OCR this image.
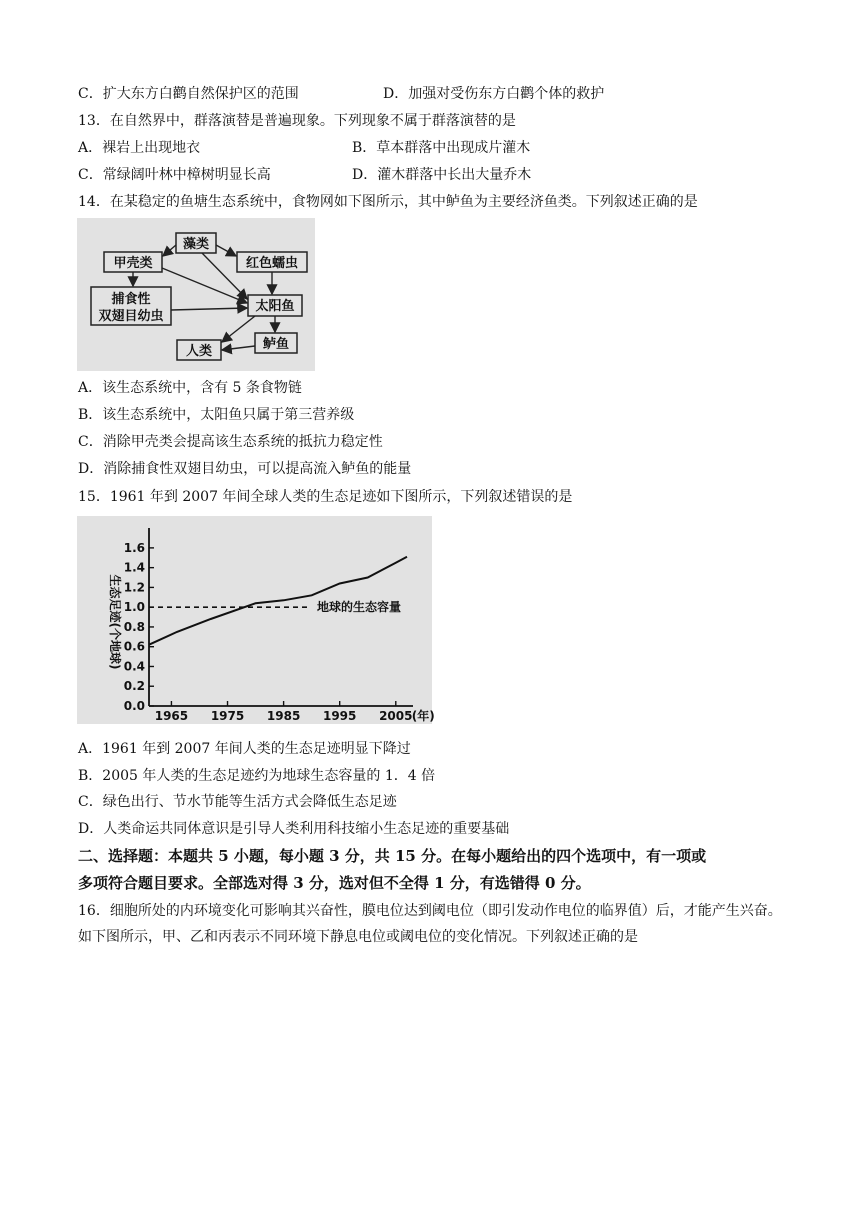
C．扩大东方白鹳自然保护区的范围	D．加强对受伤东方白鹳个体的救护
13．在自然界中，群落演替是普遍现象。下列现象不属于群落演替的是
A．裸岩上出现地衣	B．草本群落中出现成片灌木
C．常绿阔叶林中樟树明显长高	D．灌木群落中长出大量乔木
14．在某稳定的鱼塘生态系统中，食物网如下图所示，其中鲈鱼为主要经济鱼类。下列叙述正确的是
藻类
甲壳类	红色蠕虫
捕食性
双翅目幼虫
太阳鱼
人类	鲈鱼
A．该生态系统中，含有 5 条食物链
B．该生态系统中，太阳鱼只属于第三营养级
C．消除甲壳类会提高该生态系统的抵抗力稳定性
D．消除捕食性双翅目幼虫，可以提高流入鲈鱼的能量
15．1961 年到 2007 年间全球人类的生态足迹如下图所示，下列叙述错误的是
0.0
0.2
0.4
0.6
0.8
1.0
1.2
1.4
1.6
1965 1975 1985 1995 2005
地球的生态容量
生态足迹(个地球)
(年)
A．1961 年到 2007 年间人类的生态足迹明显下降过
B．2005 年人类的生态足迹约为地球生态容量的 1．4 倍
C．绿色出行、节水节能等生活方式会降低生态足迹
D．人类命运共同体意识是引导人类利用科技缩小生态足迹的重要基础
二、选择题：本题共 5 小题，每小题 3 分，共 15 分。在每小题给出的四个选项中，有一项或
多项符合题目要求。全部选对得 3 分，选对但不全得 1 分，有选错得 0 分。
16．细胞所处的内环境变化可影响其兴奋性，膜电位达到阈电位（即引发动作电位的临界值）后，才能产生兴奋。如下图所示，甲、乙和丙表示不同环境下静息电位或阈电位的变化情况。下列叙述正确的是
